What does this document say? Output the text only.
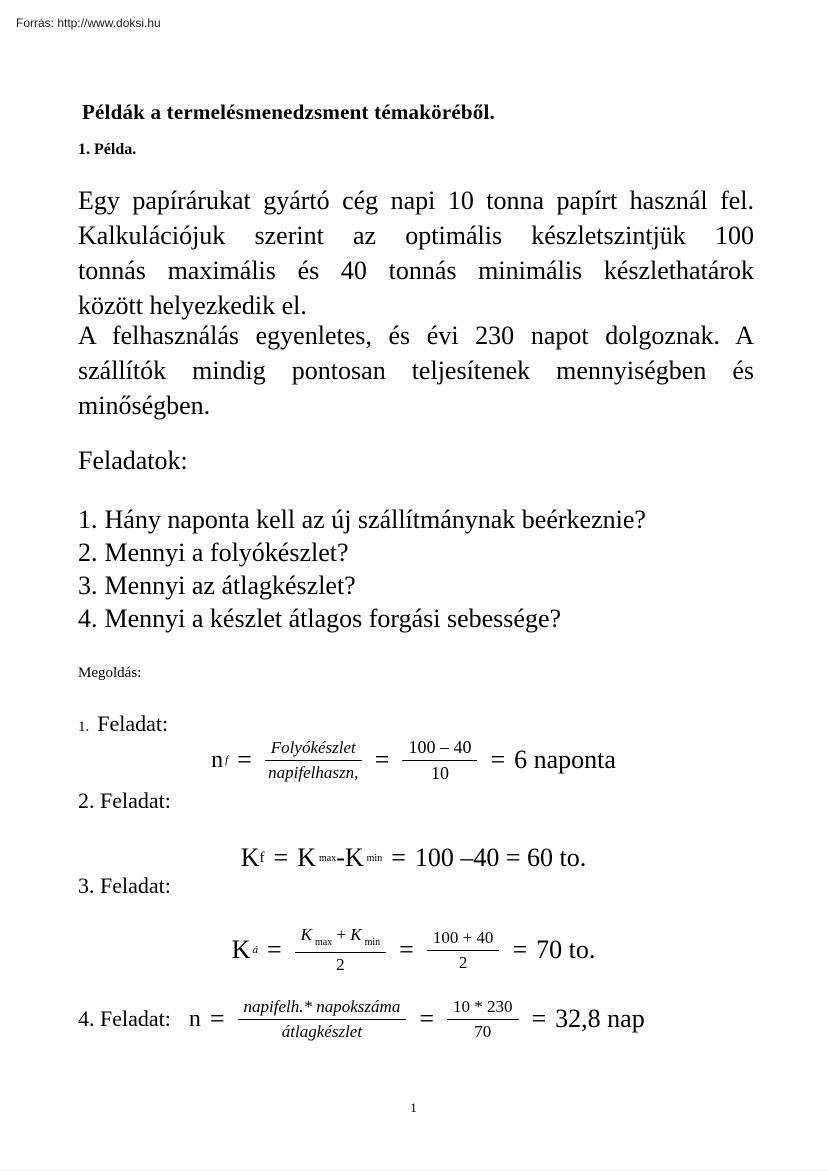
Forrás: http://www.doksi.hu
Példák a termelésmenedzsment témaköréből.
1. Példa.
Egy papírárukat gyártó cég napi 10 tonna papírt használ fel.
Kalkulációjuk szerint az optimális készletszintjük 100
tonnás maximális és 40 tonnás minimális készlethatárok
között helyezkedik el.
A felhasználás egyenletes, és évi 230 napot dolgoznak. A
szállítók mindig pontosan teljesítenek mennyiségben és
minőségben.
Feladatok:
1. Hány naponta kell az új szállítmánynak beérkeznie?
2. Mennyi a folyókészlet?
3. Mennyi az átlagkészlet?
4. Mennyi a készlet átlagos forgási sebessége?
Megoldás:
1. Feladat:
n $f = \frac{\text{Folyókészlet}}{\text{napifelhaszn,}} = \frac{100 - 40}{10} = 6$ naponta
2. Feladat:
K f = K max - K min = 100 –40 = 60 to.
3. Feladat:
K á = $\frac{K _{max} + K _{min}}{2} = \frac{100 + 40}{2} = 70$ to.
4. Feladat: $n = \frac{\text{napifelh.* napokszáma}}{\text{átlagkészlet}} = \frac{10 * 230}{70} = 32,8$ nap
1
